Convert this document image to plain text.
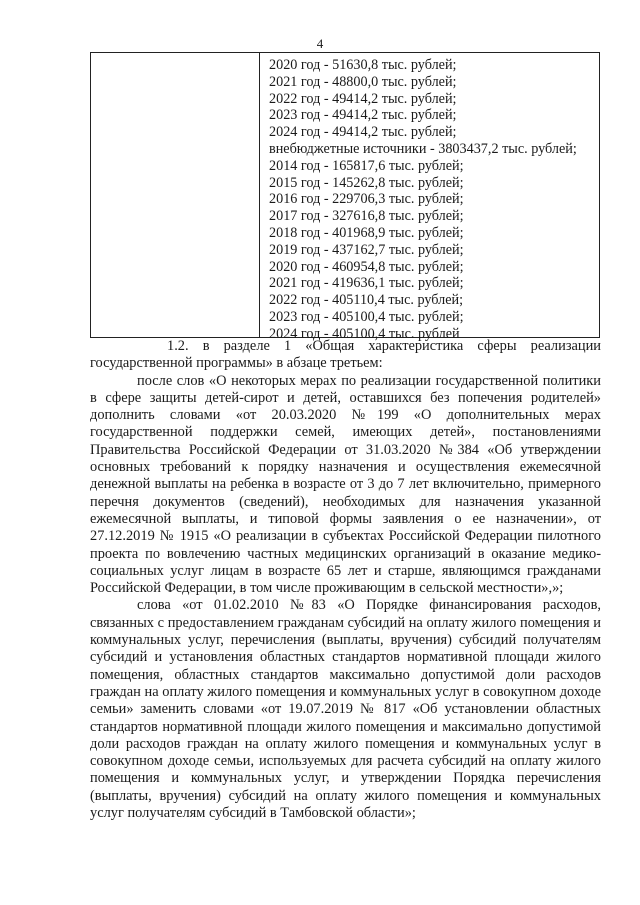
4
2020 год - 51630,8 тыс. рублей;
2021 год - 48800,0 тыс. рублей;
2022 год - 49414,2 тыс. рублей;
2023 год - 49414,2 тыс. рублей;
2024 год - 49414,2 тыс. рублей;
внебюджетные источники - 3803437,2 тыс. рублей;
2014 год - 165817,6 тыс. рублей;
2015 год - 145262,8 тыс. рублей;
2016 год - 229706,3 тыс. рублей;
2017 год - 327616,8 тыс. рублей;
2018 год - 401968,9 тыс. рублей;
2019 год - 437162,7 тыс. рублей;
2020 год - 460954,8 тыс. рублей;
2021 год - 419636,1 тыс. рублей;
2022 год - 405110,4 тыс. рублей;
2023 год - 405100,4 тыс. рублей;
2024 год - 405100,4 тыс. рублей

1.2. в разделе 1 «Общая характеристика сферы реализации государственной программы» в абзаце третьем:

после слов «О некоторых мерах по реализации государственной политики в сфере защиты детей-сирот и детей, оставшихся без попечения родителей» дополнить словами «от 20.03.2020 №199 «О дополнительных мерах государственной поддержки семей, имеющих детей», постановлениями Правительства Российской Федерации от 31.03.2020 №384 «Об утверждении основных требований к порядку назначения и осуществления ежемесячной денежной выплаты на ребенка в возрасте от 3 до 7 лет включительно, примерного перечня документов (сведений), необходимых для назначения указанной ежемесячной выплаты, и типовой формы заявления о ее назначении», от 27.12.2019 № 1915 «О реализации в субъектах Российской Федерации пилотного проекта по вовлечению частных медицинских организаций в оказание медико-социальных услуг лицам в возрасте 65 лет и старше, являющимся гражданами Российской Федерации, в том числе проживающим в сельской местности»,»;

слова «от 01.02.2010 №83 «О Порядке финансирования расходов, связанных с предоставлением гражданам субсидий на оплату жилого помещения и коммунальных услуг, перечисления (выплаты, вручения) субсидий получателям субсидий и установления областных стандартов нормативной площади жилого помещения, областных стандартов максимально допустимой доли расходов граждан на оплату жилого помещения и коммунальных услуг в совокупном доходе семьи» заменить словами «от 19.07.2019 № 817 «Об установлении областных стандартов нормативной площади жилого помещения и максимально допустимой доли расходов граждан на оплату жилого помещения и коммунальных услуг в совокупном доходе семьи, используемых для расчета субсидий на оплату жилого помещения и коммунальных услуг, и утверждении Порядка перечисления (выплаты, вручения) субсидий на оплату жилого помещения и коммунальных услуг получателям субсидий в Тамбовской области»;
